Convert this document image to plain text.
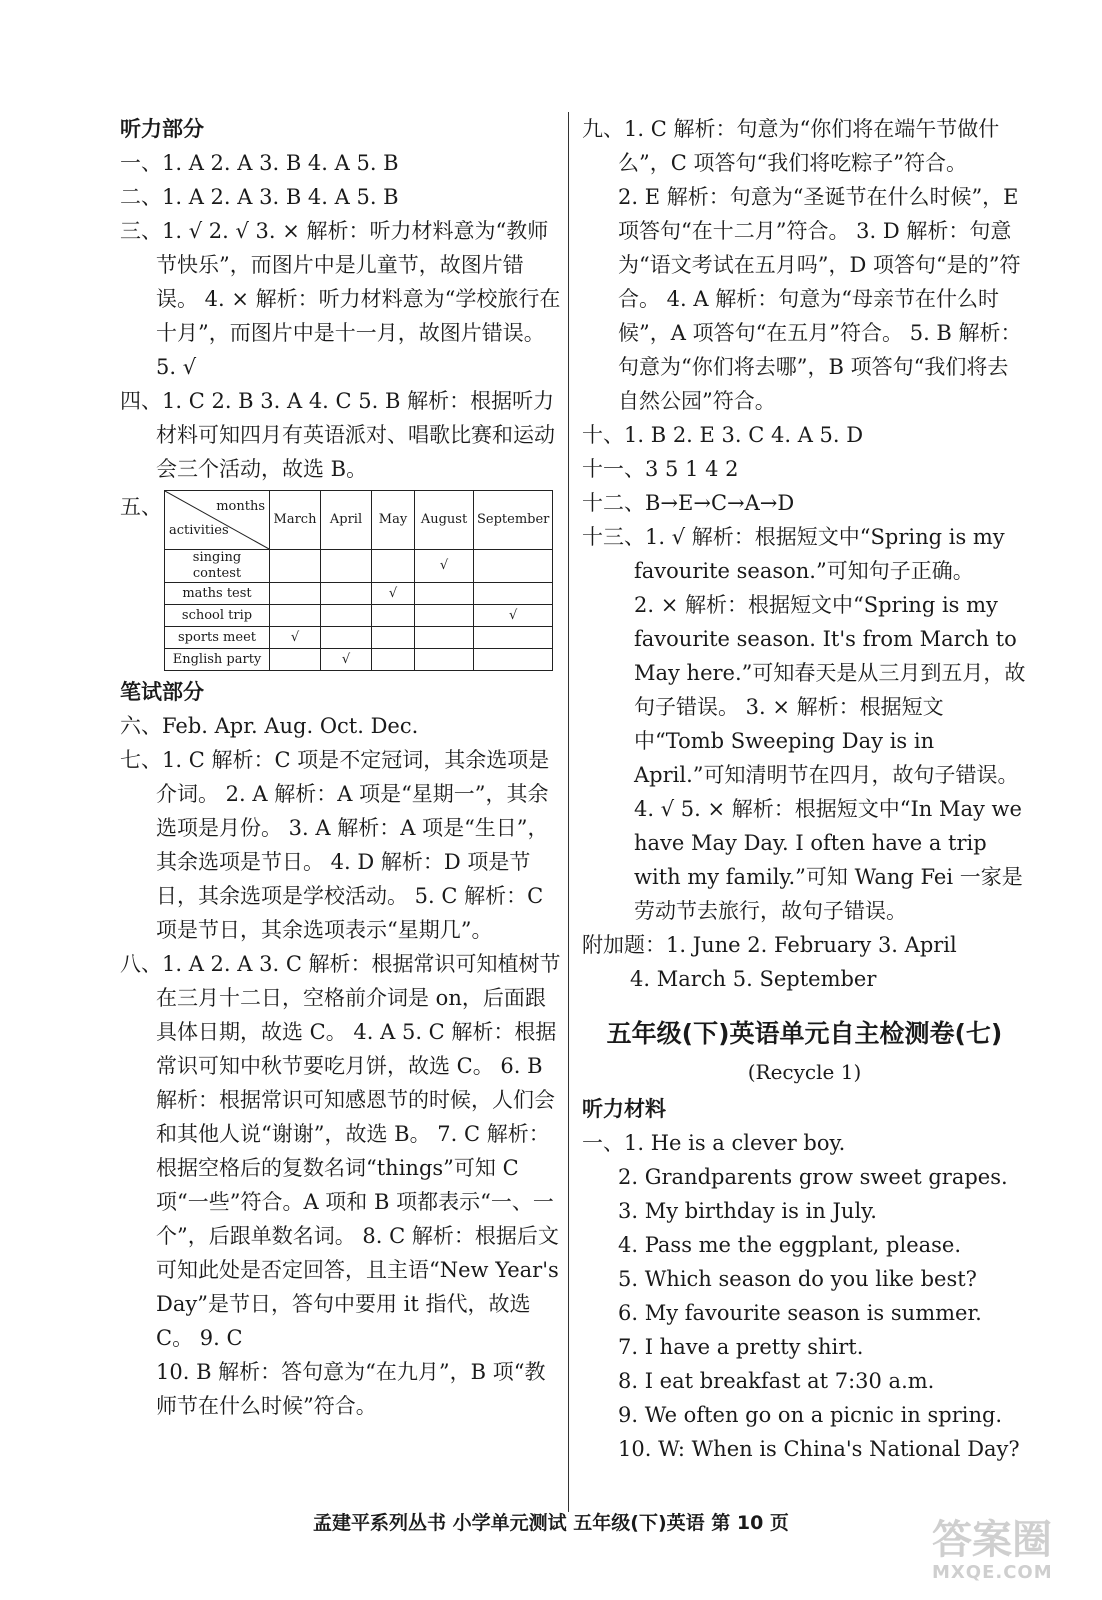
听力部分
一、1. A 2. A 3. B 4. A 5. B
二、1. A 2. A 3. B 4. A 5. B
三、1. √ 2. √ 3. × 解析：听力材料意为“教师节快乐”，而图片中是儿童节，故图片错误。 4. × 解析：听力材料意为“学校旅行在十月”，而图片中是十一月，故图片错误。 5. √
四、1. C 2. B 3. A 4. C 5. B 解析：根据听力材料可知四月有英语派对、唱歌比赛和运动会三个活动，故选 B。
五、	months
activities	March	April	May	August	September
singing contest				√	
maths test			√		
school trip					√
sports meet	√				
English party		√			
笔试部分
六、Feb. Apr. Aug. Oct. Dec.
七、1. C 解析：C 项是不定冠词，其余选项是介词。 2. A 解析：A 项是“星期一”，其余选项是月份。 3. A 解析：A 项是“生日”，其余选项是节日。 4. D 解析：D 项是节日，其余选项是学校活动。 5. C 解析：C 项是节日，其余选项表示“星期几”。
八、1. A 2. A 3. C 解析：根据常识可知植树节在三月十二日，空格前介词是 on，后面跟具体日期，故选 C。 4. A 5. C 解析：根据常识可知中秋节要吃月饼，故选 C。 6. B 解析：根据常识可知感恩节的时候，人们会和其他人说“谢谢”，故选 B。 7. C 解析：根据空格后的复数名词“things”可知 C 项“一些”符合。A 项和 B 项都表示“一、一个”，后跟单数名词。 8. C 解析：根据后文可知此处是否定回答，且主语“New Year's Day”是节日，答句中要用 it 指代，故选 C。 9. C
10. B 解析：答句意为“在九月”，B 项“教师节在什么时候”符合。
九、1. C 解析：句意为“你们将在端午节做什么”，C 项答句“我们将吃粽子”符合。
2. E 解析：句意为“圣诞节在什么时候”，E 项答句“在十二月”符合。 3. D 解析：句意为“语文考试在五月吗”，D 项答句“是的”符合。 4. A 解析：句意为“母亲节在什么时候”，A 项答句“在五月”符合。 5. B 解析：句意为“你们将去哪”，B 项答句“我们将去自然公园”符合。
十、1. B 2. E 3. C 4. A 5. D
十一、3 5 1 4 2
十二、B→E→C→A→D
十三、1. √ 解析：根据短文中“Spring is my favourite season.”可知句子正确。
2. × 解析：根据短文中“Spring is my favourite season. It's from March to May here.”可知春天是从三月到五月，故句子错误。 3. × 解析：根据短文中“Tomb Sweeping Day is in April.”可知清明节在四月，故句子错误。
4. √ 5. × 解析：根据短文中“In May we have May Day. I often have a trip with my family.”可知 Wang Fei 一家是劳动节去旅行，故句子错误。
附加题：1. June 2. February 3. April
4. March 5. September
五年级(下)英语单元自主检测卷(七)
(Recycle 1)
听力材料
一、1. He is a clever boy.
2. Grandparents grow sweet grapes.
3. My birthday is in July.
4. Pass me the eggplant, please.
5. Which season do you like best?
6. My favourite season is summer.
7. I have a pretty shirt.
8. I eat breakfast at 7:30 a.m.
9. We often go on a picnic in spring.
10. W: When is China's National Day?
孟建平系列丛书 小学单元测试 五年级(下)英语 第 10 页	答案圈
MXQE.COM
